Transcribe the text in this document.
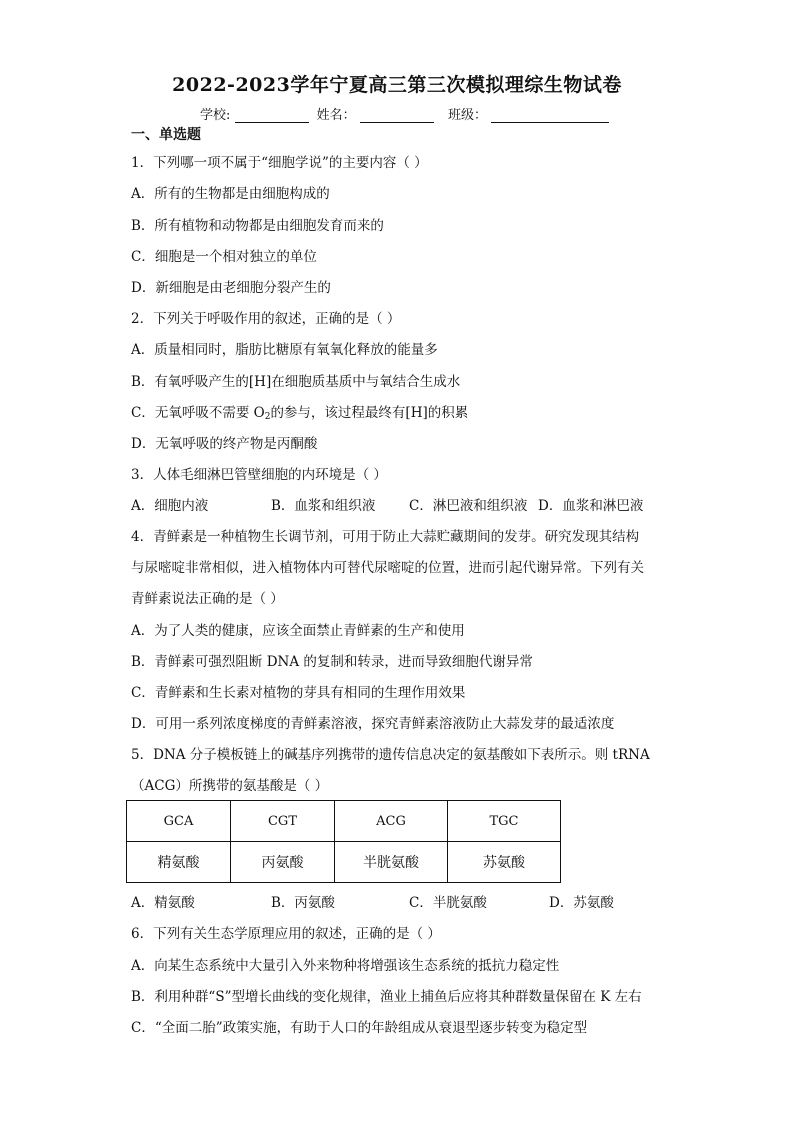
2022-2023学年宁夏高三第三次模拟理综生物试卷
学校:	姓名：	班级：
一、单选题
1．下列哪一项不属于“细胞学说”的主要内容（ ）
A．所有的生物都是由细胞构成的
B．所有植物和动物都是由细胞发育而来的
C．细胞是一个相对独立的单位
D．新细胞是由老细胞分裂产生的
2．下列关于呼吸作用的叙述，正确的是（ ）
A．质量相同时，脂肪比糖原有氧氧化释放的能量多
B．有氧呼吸产生的[H]在细胞质基质中与氧结合生成水
C．无氧呼吸不需要 $O_2$的参与，该过程最终有[H]的积累
D．无氧呼吸的终产物是丙酮酸
3．人体毛细淋巴管壁细胞的内环境是（ ）
A．细胞内液	B．血浆和组织液 C．淋巴液和组织液 D．血浆和淋巴液
4．青鲜素是一种植物生长调节剂，可用于防止大蒜贮藏期间的发芽。研究发现其结构
与尿嘧啶非常相似，进入植物体内可替代尿嘧啶的位置，进而引起代谢异常。下列有关
青鲜素说法正确的是（ ）
A．为了人类的健康，应该全面禁止青鲜素的生产和使用
B．青鲜素可强烈阻断 DNA 的复制和转录，进而导致细胞代谢异常
C．青鲜素和生长素对植物的芽具有相同的生理作用效果
D．可用一系列浓度梯度的青鲜素溶液，探究青鲜素溶液防止大蒜发芽的最适浓度
5．DNA 分子模板链上的碱基序列携带的遗传信息决定的氨基酸如下表所示。则 tRNA
（ACG）所携带的氨基酸是（ ）
GCA	CGT	ACG	TGC
精氨酸	丙氨酸	半胱氨酸	苏氨酸
A．精氨酸	B．丙氨酸	C．半胱氨酸	D．苏氨酸
6．下列有关生态学原理应用的叙述，正确的是（ ）
A．向某生态系统中大量引入外来物种将增强该生态系统的抵抗力稳定性
B．利用种群“S”型增长曲线的变化规律，渔业上捕鱼后应将其种群数量保留在 K 左右
C．“全面二胎”政策实施，有助于人口的年龄组成从衰退型逐步转变为稳定型
